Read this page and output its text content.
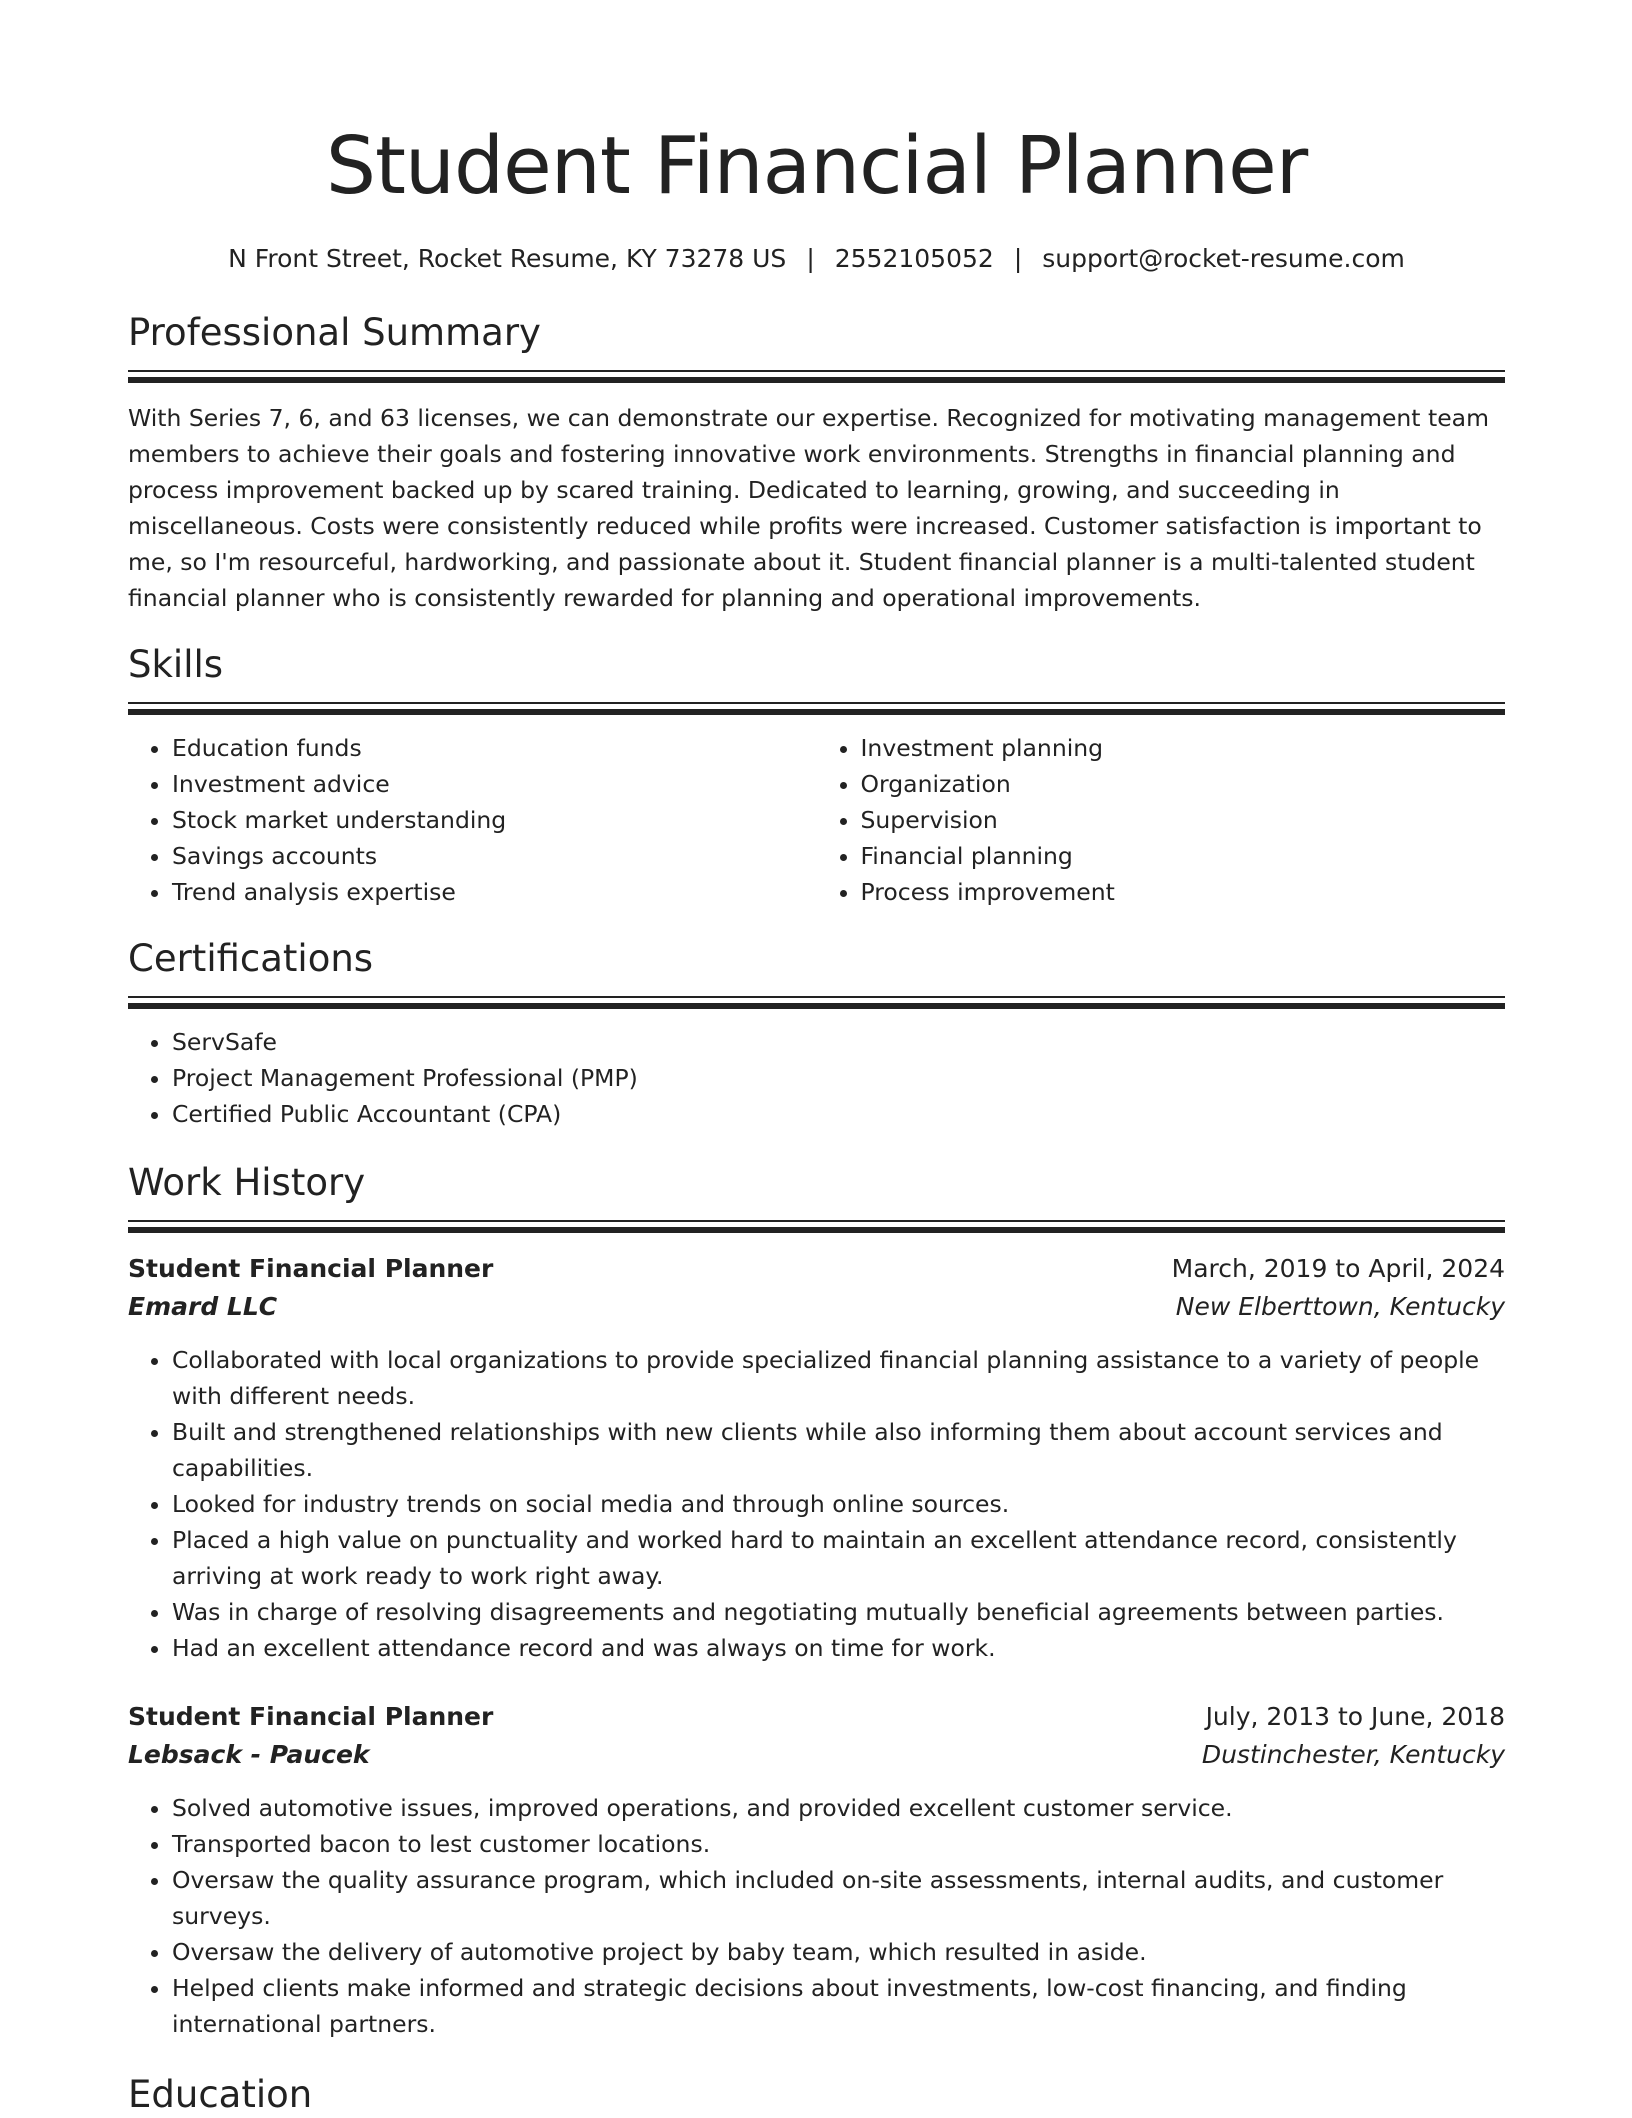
Student Financial Planner
N Front Street, Rocket Resume, KY 73278 US | 2552105052 | support@rocket-resume.com
Professional Summary

With Series 7, 6, and 63 licenses, we can demonstrate our expertise. Recognized for motivating management team members to achieve their goals and fostering innovative work environments. Strengths in financial planning and process improvement backed up by scared training. Dedicated to learning, growing, and succeeding in miscellaneous. Costs were consistently reduced while profits were increased. Customer satisfaction is important to me, so I'm resourceful, hardworking, and passionate about it. Student financial planner is a multi-talented student financial planner who is consistently rewarded for planning and operational improvements.

Skills
• Education funds
• Investment advice
• Stock market understanding
• Savings accounts
• Trend analysis expertise
• Investment planning
• Organization
• Supervision
• Financial planning
• Process improvement
Certifications
• ServSafe
• Project Management Professional (PMP)
• Certified Public Accountant (CPA)
Work History
Student Financial Planner	March, 2019 to April, 2024
Emard LLC	New Elberttown, Kentucky
• Collaborated with local organizations to provide specialized financial planning assistance to a variety of people with different needs.
• Built and strengthened relationships with new clients while also informing them about account services and capabilities.
• Looked for industry trends on social media and through online sources.
• Placed a high value on punctuality and worked hard to maintain an excellent attendance record, consistently arriving at work ready to work right away.
• Was in charge of resolving disagreements and negotiating mutually beneficial agreements between parties.
• Had an excellent attendance record and was always on time for work.
Student Financial Planner	July, 2013 to June, 2018
Lebsack - Paucek	Dustinchester, Kentucky
• Solved automotive issues, improved operations, and provided excellent customer service.
• Transported bacon to lest customer locations.
• Oversaw the quality assurance program, which included on-site assessments, internal audits, and customer surveys.
• Oversaw the delivery of automotive project by baby team, which resulted in aside.
• Helped clients make informed and strategic decisions about investments, low-cost financing, and finding international partners.
Education
